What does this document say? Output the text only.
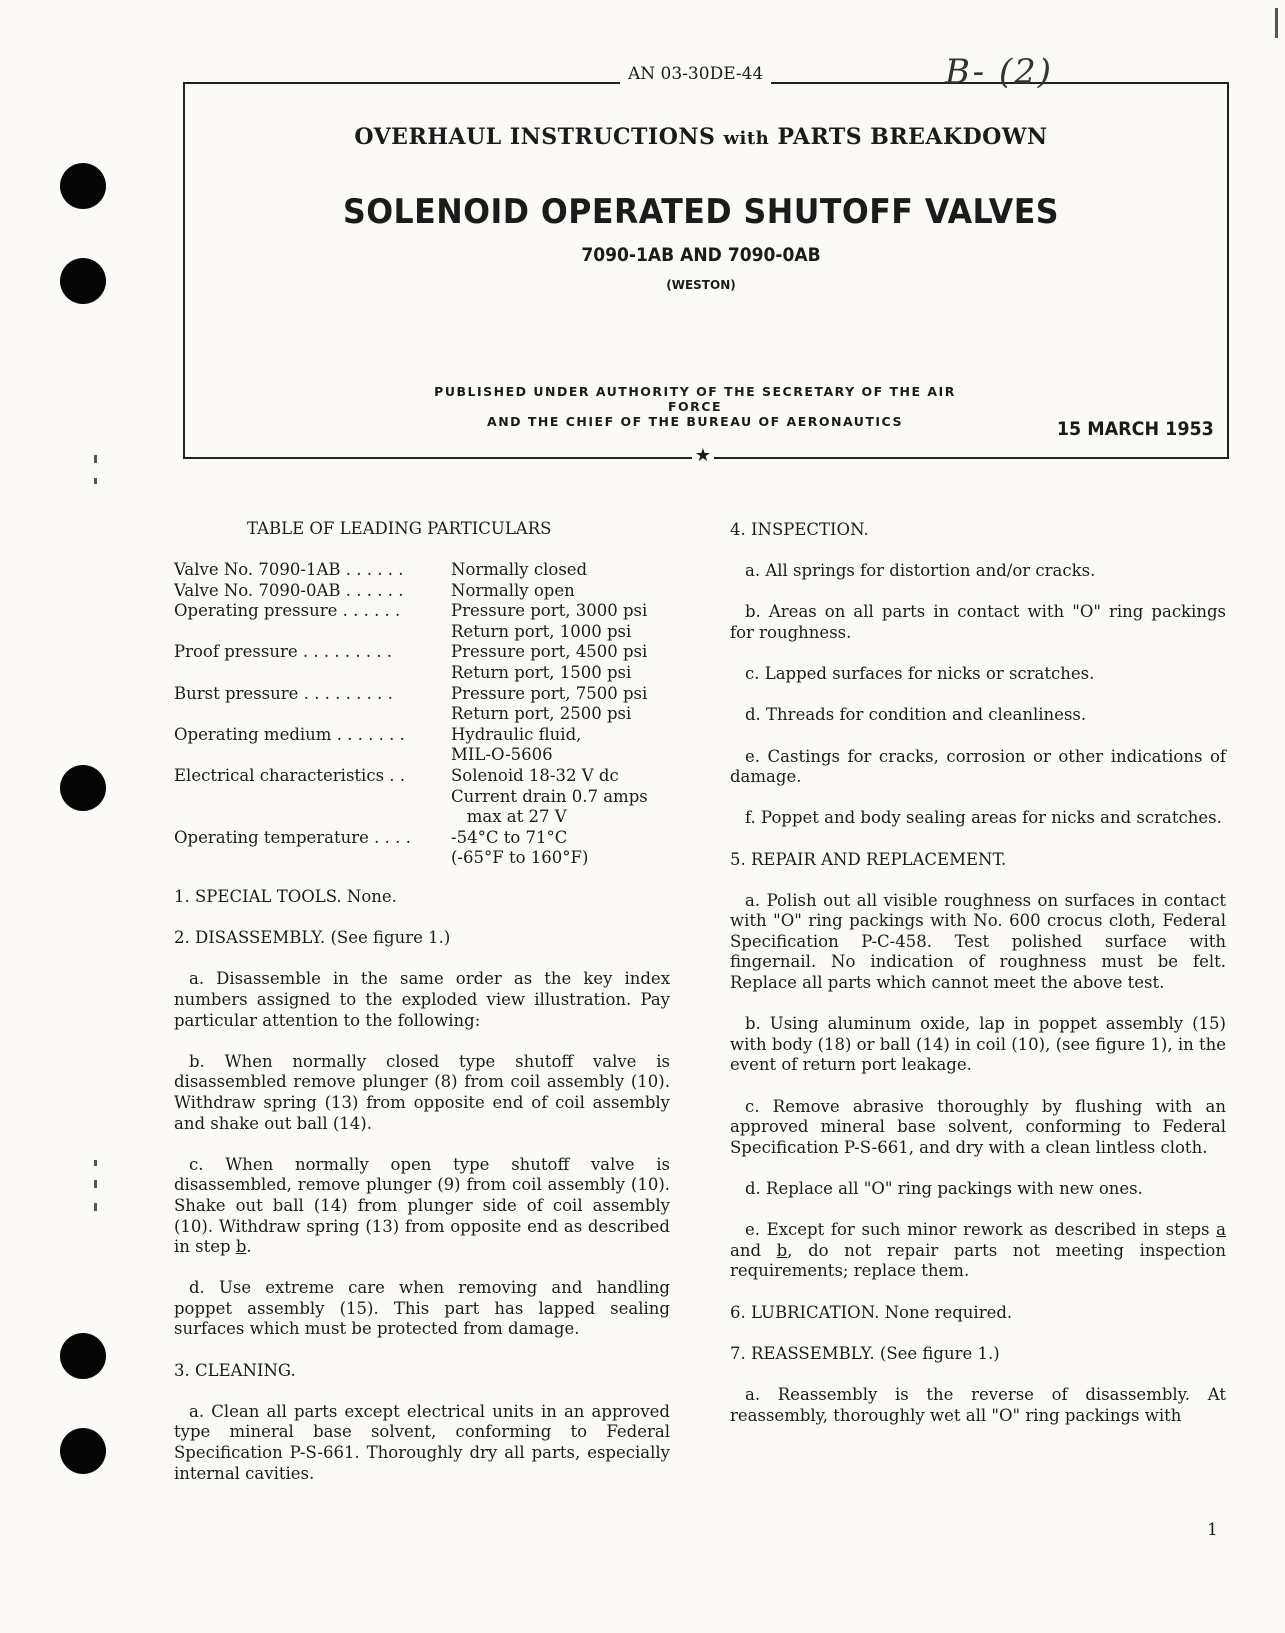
AN 03-30DE-44	B- (2)
OVERHAUL INSTRUCTIONS with PARTS BREAKDOWN
SOLENOID OPERATED SHUTOFF VALVES
7090-1AB AND 7090-0AB
(WESTON)
PUBLISHED UNDER AUTHORITY OF THE SECRETARY OF THE AIR FORCE
AND THE CHIEF OF THE BUREAU OF AERONAUTICS	15 MARCH 1953
★
TABLE OF LEADING PARTICULARS
Valve No. 7090-1AB . . . . . .	Normally closed
Valve No. 7090-0AB . . . . . .	Normally open
Operating pressure . . . . . .	Pressure port, 3000 psi
	Return port, 1000 psi
Proof pressure . . . . . . . . .	Pressure port, 4500 psi
	Return port, 1500 psi
Burst pressure . . . . . . . . .	Pressure port, 7500 psi
	Return port, 2500 psi
Operating medium . . . . . . .	Hydraulic fluid,
	MIL-O-5606
Electrical characteristics . .	Solenoid 18-32 V dc
	Current drain 0.7 amps
	max at 27 V
Operating temperature . . . .	-54°C to 71°C
	(-65°F to 160°F)

1. SPECIAL TOOLS. None.

2. DISASSEMBLY. (See figure 1.)

a. Disassemble in the same order as the key index numbers assigned to the exploded view illustration. Pay particular attention to the following:

b. When normally closed type shutoff valve is disassembled remove plunger (8) from coil assembly (10). Withdraw spring (13) from opposite end of coil assembly and shake out ball (14).

c. When normally open type shutoff valve is disassembled, remove plunger (9) from coil assembly (10). Shake out ball (14) from plunger side of coil assembly (10). Withdraw spring (13) from opposite end as described in step b.

d. Use extreme care when removing and handling poppet assembly (15). This part has lapped sealing surfaces which must be protected from damage.

3. CLEANING.

a. Clean all parts except electrical units in an approved type mineral base solvent, conforming to Federal Specification P-S-661. Thoroughly dry all parts, especially internal cavities.

4. INSPECTION.

a. All springs for distortion and/or cracks.

b. Areas on all parts in contact with "O" ring packings for roughness.

c. Lapped surfaces for nicks or scratches.

d. Threads for condition and cleanliness.

e. Castings for cracks, corrosion or other indications of damage.

f. Poppet and body sealing areas for nicks and scratches.

5. REPAIR AND REPLACEMENT.

a. Polish out all visible roughness on surfaces in contact with "O" ring packings with No. 600 crocus cloth, Federal Specification P-C-458. Test polished surface with fingernail. No indication of roughness must be felt. Replace all parts which cannot meet the above test.

b. Using aluminum oxide, lap in poppet assembly (15) with body (18) or ball (14) in coil (10), (see figure 1), in the event of return port leakage.

c. Remove abrasive thoroughly by flushing with an approved mineral base solvent, conforming to Federal Specification P-S-661, and dry with a clean lintless cloth.

d. Replace all "O" ring packings with new ones.

e. Except for such minor rework as described in steps a and b, do not repair parts not meeting inspection requirements; replace them.

6. LUBRICATION. None required.

7. REASSEMBLY. (See figure 1.)

a. Reassembly is the reverse of disassembly. At reassembly, thoroughly wet all "O" ring packings with

1
